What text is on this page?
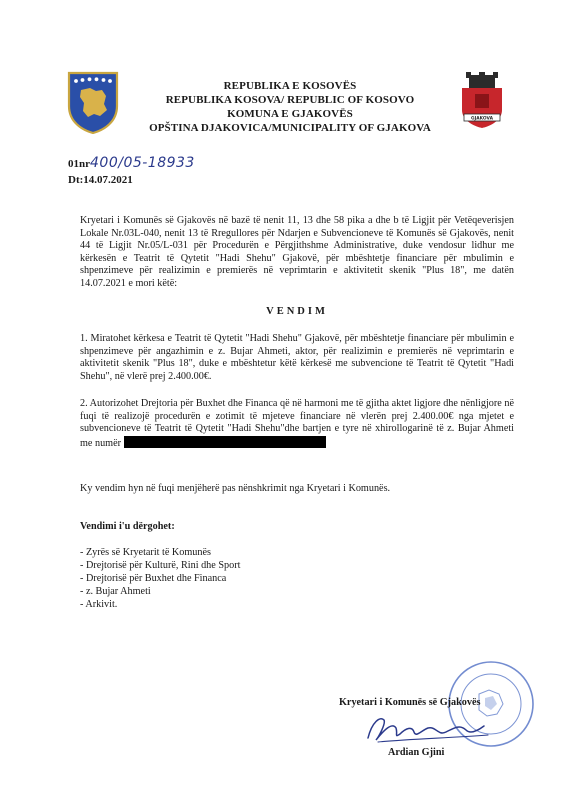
REPUBLIKA E KOSOVËS
REPUBLIKA KOSOVA/ REPUBLIC OF KOSOVO
KOMUNA E GJAKOVËS
OPŠTINA DJAKOVICA/MUNICIPALITY OF GJAKOVA
GJAKOVA
01nr400/05-18933
Dt:14.07.2021
Kryetari i Komunës së Gjakovës në bazë të nenit 11, 13 dhe 58 pika a dhe b të Ligjit për Vetëqeverisjen Lokale Nr.03L-040, nenit 13 të Rregullores për Ndarjen e Subvencioneve të Komunës së Gjakovës, nenit 44 të Ligjit Nr.05/L-031 për Procedurën e Përgjithshme Administrative, duke vendosur lidhur me kërkesën e Teatrit të Qytetit "Hadi Shehu" Gjakovë, për mbështetje financiare për mbulimin e shpenzimeve për realizimin e premierës në veprimtarin e aktivitetit skenik "Plus 18", me datën 14.07.2021 e mori këtë:
VENDIM
1. Miratohet kërkesa e Teatrit të Qytetit "Hadi Shehu" Gjakovë, për mbështetje financiare për mbulimin e shpenzimeve për angazhimin e z. Bujar Ahmeti, aktor, për realizimin e premierës në veprimtarin e aktivitetit skenik "Plus 18", duke e mbështetur këtë kërkesë me subvencione të Teatrit të Qytetit "Hadi Shehu", në vlerë prej 2.400.00€.
2. Autorizohet Drejtoria për Buxhet dhe Financa që në harmoni me të gjitha aktet ligjore dhe nënligjore në fuqi të realizojë procedurën e zotimit të mjeteve financiare në vlerën prej 2.400.00€ nga mjetet e subvencioneve të Teatrit të Qytetit "Hadi Shehu"dhe bartjen e tyre në xhirollogarinë të z. Bujar Ahmeti me numër
Ky vendim hyn në fuqi menjëherë pas nënshkrimit nga Kryetari i Komunës.
Vendimi i'u dërgohet:
- Zyrës së Kryetarit të Komunës
- Drejtorisë për Kulturë, Rini dhe Sport
- Drejtorisë për Buxhet dhe Financa
- z. Bujar Ahmeti
- Arkivit.
Kryetari i Komunës së Gjakovës
Ardian Gjini
